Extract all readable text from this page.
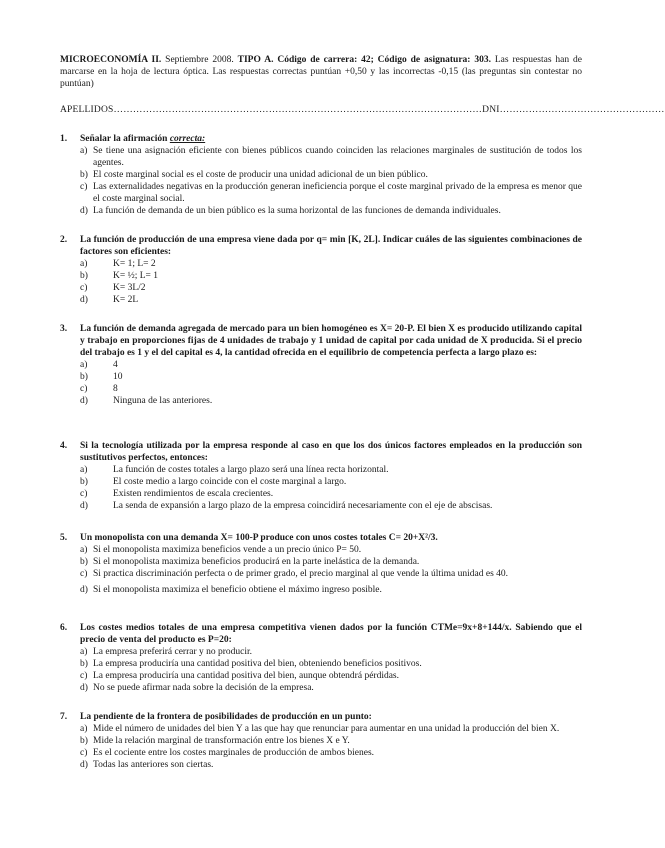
MICROECONOMÍA II. Septiembre 2008. TIPO A. Código de carrera: 42; Código de asignatura: 303. Las respuestas han de marcarse en la hoja de lectura óptica. Las respuestas correctas puntúan +0,50 y las incorrectas -0,15 (las preguntas sin contestar no puntúan)
APELLIDOS……………………………………………………………………………………………………DNI……………………………………………
1.	Señalar la afirmación correcta:
a) Se tiene una asignación eficiente con bienes públicos cuando coinciden las relaciones marginales de sustitución de todos los agentes.
b) El coste marginal social es el coste de producir una unidad adicional de un bien público.
c) Las externalidades negativas en la producción generan ineficiencia porque el coste marginal privado de la empresa es menor que el coste marginal social.
d) La función de demanda de un bien público es la suma horizontal de las funciones de demanda individuales.
2.	La función de producción de una empresa viene dada por q= min [K, 2L]. Indicar cuáles de las siguientes combinaciones de factores son eficientes:
a)	K= 1; L= 2
b)	K= ½; L= 1
c)	K= 3L/2
d)	K= 2L
3.	La función de demanda agregada de mercado para un bien homogéneo es X= 20-P. El bien X es producido utilizando capital y trabajo en proporciones fijas de 4 unidades de trabajo y 1 unidad de capital por cada unidad de X producida. Si el precio del trabajo es 1 y el del capital es 4, la cantidad ofrecida en el equilibrio de competencia perfecta a largo plazo es:
a)	4
b)	10
c)	8
d)	Ninguna de las anteriores.
4.	Si la tecnología utilizada por la empresa responde al caso en que los dos únicos factores empleados en la producción son sustitutivos perfectos, entonces:
a)	La función de costes totales a largo plazo será una línea recta horizontal.
b)	El coste medio a largo coincide con el coste marginal a largo.
c)	Existen rendimientos de escala crecientes.
d)	La senda de expansión a largo plazo de la empresa coincidirá necesariamente con el eje de abscisas.
5.	Un monopolista con una demanda X= 100-P produce con unos costes totales C= 20+X²/3.
a) Si el monopolista maximiza beneficios vende a un precio único P= 50.
b) Si el monopolista maximiza beneficios producirá en la parte inelástica de la demanda.
c) Si practica discriminación perfecta o de primer grado, el precio marginal al que vende la última unidad es 40.
d) Si el monopolista maximiza el beneficio obtiene el máximo ingreso posible.
6.	Los costes medios totales de una empresa competitiva vienen dados por la función CTMe=9x+8+144/x. Sabiendo que el precio de venta del producto es P=20:
a) La empresa preferirá cerrar y no producir.
b) La empresa produciría una cantidad positiva del bien, obteniendo beneficios positivos.
c) La empresa produciría una cantidad positiva del bien, aunque obtendrá pérdidas.
d) No se puede afirmar nada sobre la decisión de la empresa.
7.	La pendiente de la frontera de posibilidades de producción en un punto:
a) Mide el número de unidades del bien Y a las que hay que renunciar para aumentar en una unidad la producción del bien X.
b) Mide la relación marginal de transformación entre los bienes X e Y.
c) Es el cociente entre los costes marginales de producción de ambos bienes.
d) Todas las anteriores son ciertas.
